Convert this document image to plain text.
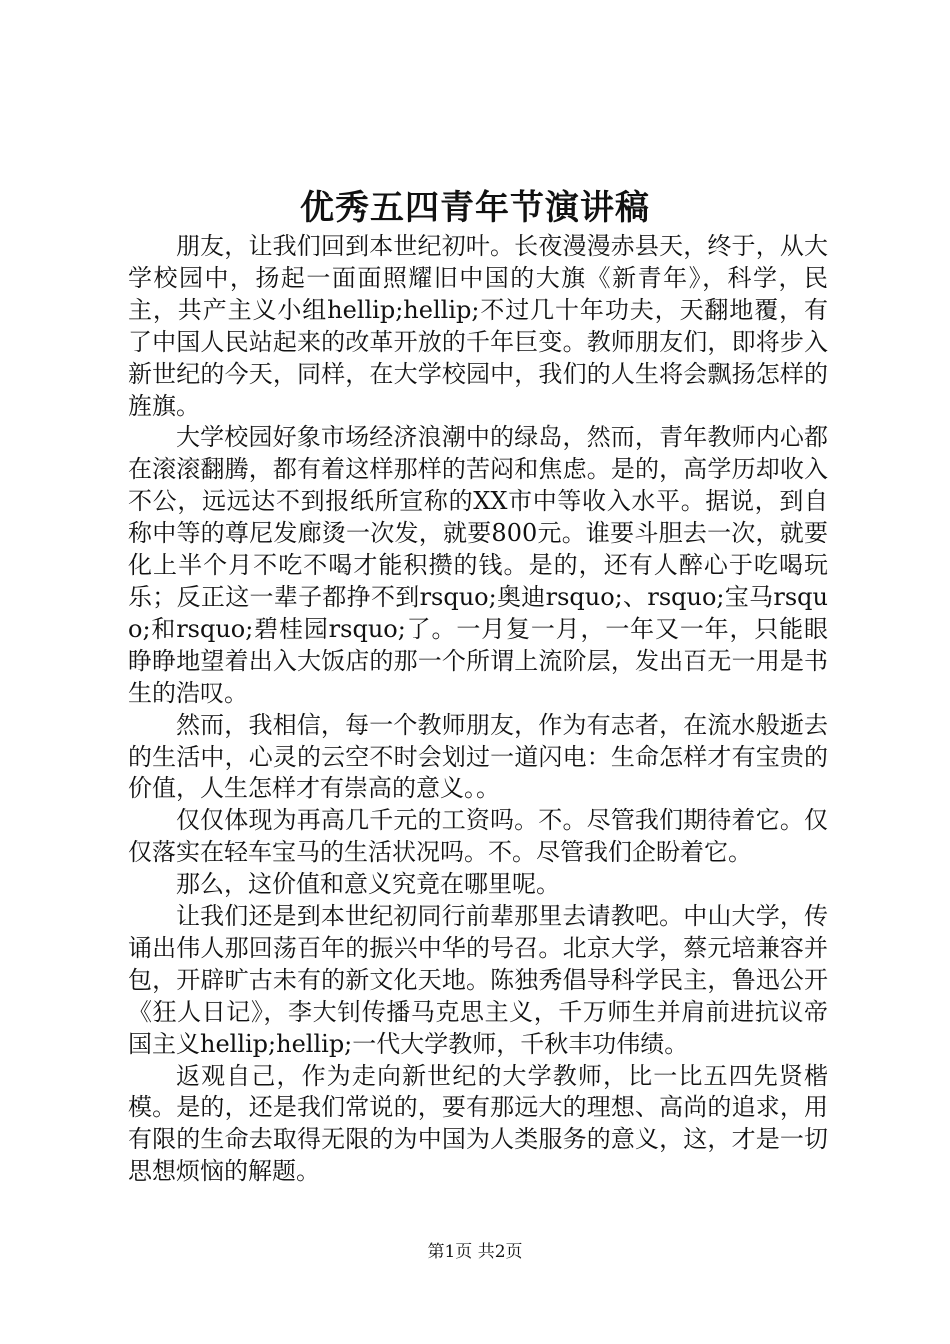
优秀五四青年节演讲稿

朋友，让我们回到本世纪初叶。长夜漫漫赤县天，终于，从大学校园中，扬起一面面照耀旧中国的大旗《新青年》，科学，民主，共产主义小组hellip;hellip;不过几十年功夫，天翻地覆，有了中国人民站起来的改革开放的千年巨变。教师朋友们，即将步入新世纪的今天，同样，在大学校园中，我们的人生将会飘扬怎样的旌旗。

大学校园好象市场经济浪潮中的绿岛，然而，青年教师内心都在滚滚翻腾，都有着这样那样的苦闷和焦虑。是的，高学历却收入不公，远远达不到报纸所宣称的XX市中等收入水平。据说，到自称中等的尊尼发廊烫一次发，就要800元。谁要斗胆去一次，就要化上半个月不吃不喝才能积攒的钱。是的，还有人醉心于吃喝玩乐；反正这一辈子都挣不到rsquo;奥迪rsquo;、rsquo;宝马rsquo;和rsquo;碧桂园rsquo;了。一月复一月，一年又一年，只能眼睁睁地望着出入大饭店的那一个所谓上流阶层，发出百无一用是书生的浩叹。

然而，我相信，每一个教师朋友，作为有志者，在流水般逝去的生活中，心灵的云空不时会划过一道闪电：生命怎样才有宝贵的价值，人生怎样才有崇高的意义。。

仅仅体现为再高几千元的工资吗。不。尽管我们期待着它。仅仅落实在轻车宝马的生活状况吗。不。尽管我们企盼着它。

那么，这价值和意义究竟在哪里呢。

让我们还是到本世纪初同行前辈那里去请教吧。中山大学，传诵出伟人那回荡百年的振兴中华的号召。北京大学，蔡元培兼容并包，开辟旷古未有的新文化天地。陈独秀倡导科学民主，鲁迅公开《狂人日记》，李大钊传播马克思主义，千万师生并肩前进抗议帝国主义hellip;hellip;一代大学教师，千秋丰功伟绩。

返观自己，作为走向新世纪的大学教师，比一比五四先贤楷模。是的，还是我们常说的，要有那远大的理想、高尚的追求，用有限的生命去取得无限的为中国为人类服务的意义，这，才是一切思想烦恼的解题。

第1页 共2页
